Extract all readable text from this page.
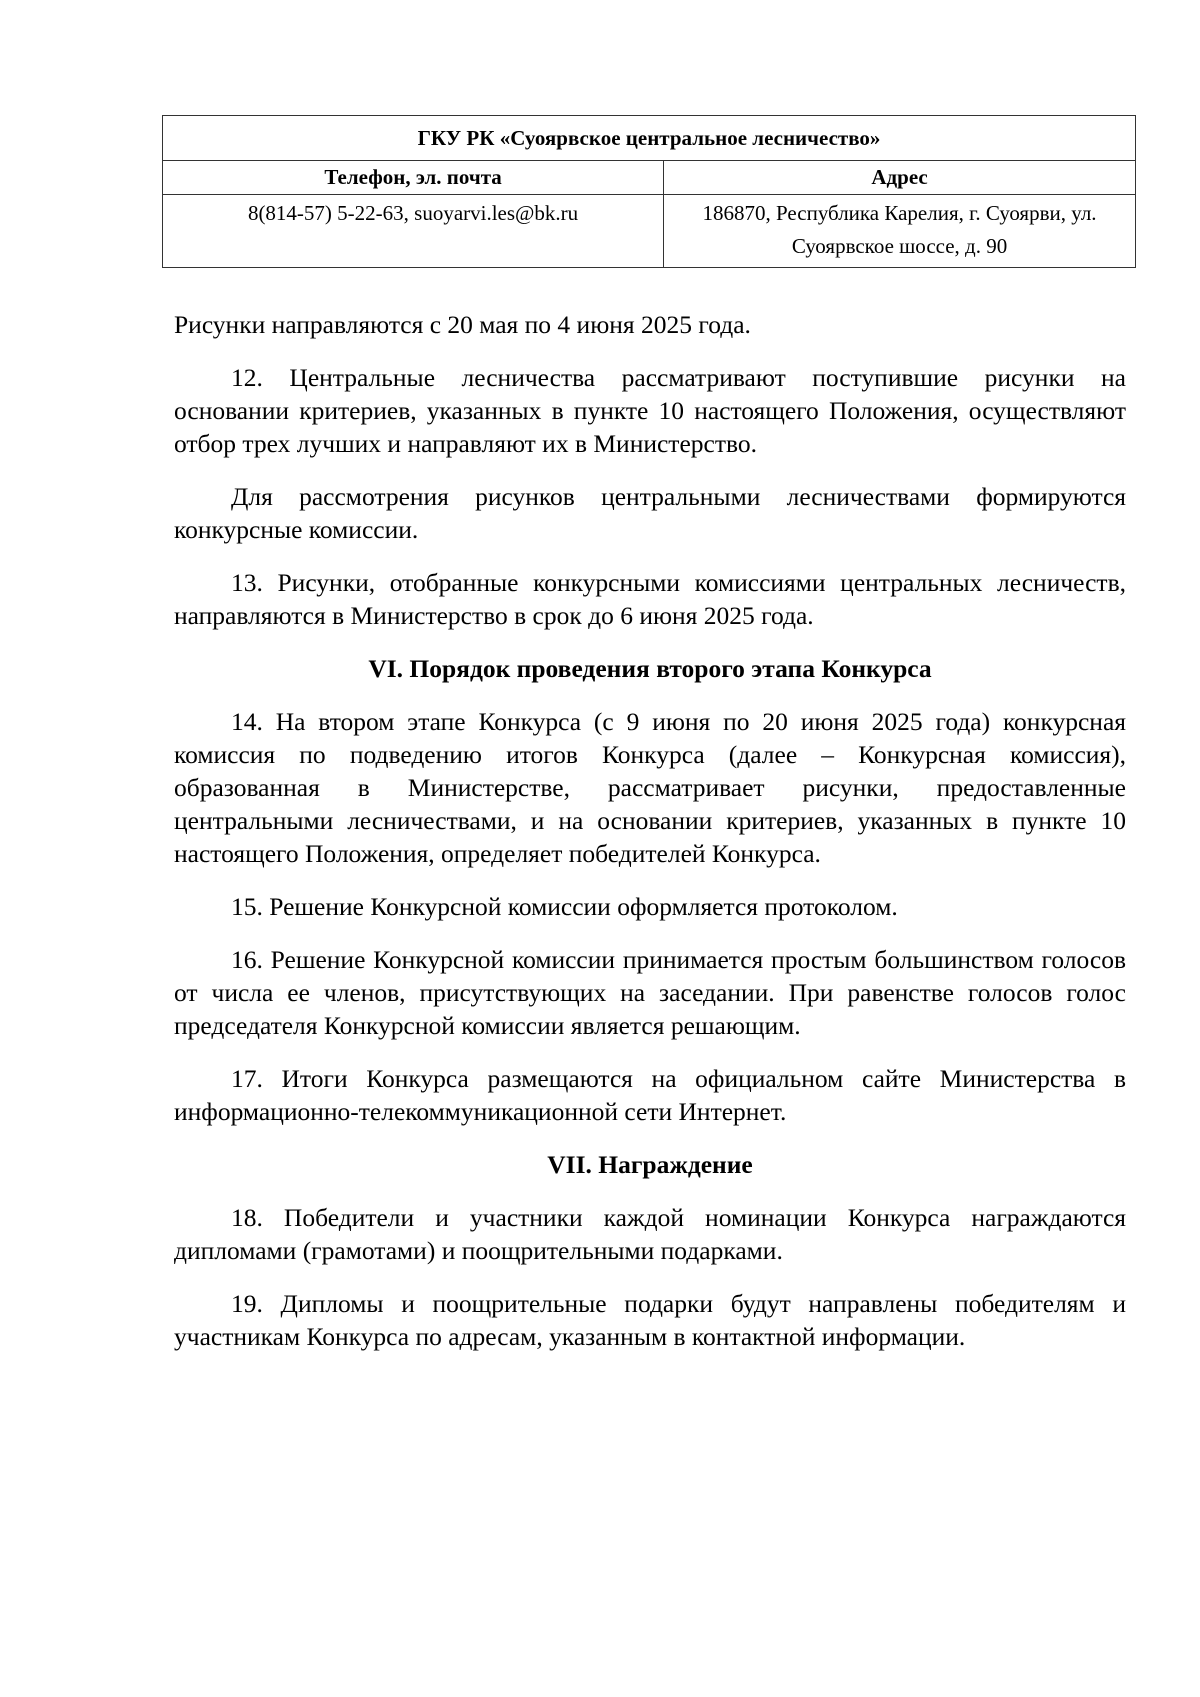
ГКУ РК «Суоярвское центральное лесничество»	
Телефон, эл. почта	Адрес
8(814-57) 5-22-63, suoyarvi.les@bk.ru	186870, Республика Карелия, г. Суоярви, ул. Суоярвское шоссе, д. 90

Рисунки направляются с 20 мая по 4 июня 2025 года.

12. Центральные лесничества рассматривают поступившие рисунки на основании критериев, указанных в пункте 10 настоящего Положения, осуществляют отбор трех лучших и направляют их в Министерство.

Для рассмотрения рисунков центральными лесничествами формируются конкурсные комиссии.

13. Рисунки, отобранные конкурсными комиссиями центральных лесничеств, направляются в Министерство в срок до 6 июня 2025 года.

VI. Порядок проведения второго этапа Конкурса

14. На втором этапе Конкурса (с 9 июня по 20 июня 2025 года) конкурсная комиссия по подведению итогов Конкурса (далее – Конкурсная комиссия), образованная в Министерстве, рассматривает рисунки, предоставленные центральными лесничествами, и на основании критериев, указанных в пункте 10 настоящего Положения, определяет победителей Конкурса.

15. Решение Конкурсной комиссии оформляется протоколом.

16. Решение Конкурсной комиссии принимается простым большинством голосов от числа ее членов, присутствующих на заседании. При равенстве голосов голос председателя Конкурсной комиссии является решающим.

17. Итоги Конкурса размещаются на официальном сайте Министерства в информационно-телекоммуникационной сети Интернет.

VII. Награждение

18. Победители и участники каждой номинации Конкурса награждаются дипломами (грамотами) и поощрительными подарками.

19. Дипломы и поощрительные подарки будут направлены победителям и участникам Конкурса по адресам, указанным в контактной информации.
